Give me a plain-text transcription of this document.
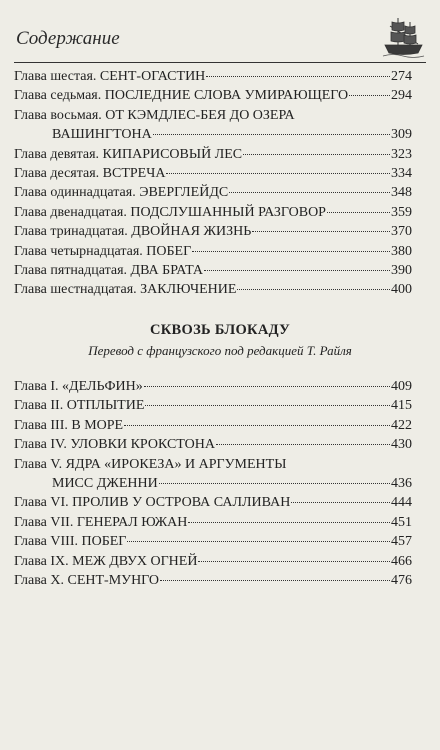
Содержание
Глава шестая. СЕНТ-ОГАСТИН	274
Глава седьмая. ПОСЛЕДНИЕ СЛОВА УМИРАЮЩЕГО	294
Глава восьмая. ОТ КЭМДЛЕС-БЕЯ ДО ОЗЕРА
ВАШИНГТОНА	309
Глава девятая. КИПАРИСОВЫЙ ЛЕС	323
Глава десятая. ВСТРЕЧА	334
Глава одиннадцатая. ЭВЕРГЛЕЙДС	348
Глава двенадцатая. ПОДСЛУШАННЫЙ РАЗГОВОР	359
Глава тринадцатая. ДВОЙНАЯ ЖИЗНЬ	370
Глава четырнадцатая. ПОБЕГ	380
Глава пятнадцатая. ДВА БРАТА	390
Глава шестнадцатая. ЗАКЛЮЧЕНИЕ	400
СКВОЗЬ БЛОКАДУ
Перевод с французского под редакцией Т. Райля
Глава I. «ДЕЛЬФИН»	409
Глава II. ОТПЛЫТИЕ	415
Глава III. В МОРЕ	422
Глава IV. УЛОВКИ КРОКСТОНА	430
Глава V. ЯДРА «ИРОКЕЗА» И АРГУМЕНТЫ
МИСС ДЖЕННИ	436
Глава VI. ПРОЛИВ У ОСТРОВА САЛЛИВАН	444
Глава VII. ГЕНЕРАЛ ЮЖАН	451
Глава VIII. ПОБЕГ	457
Глава IX. МЕЖ ДВУХ ОГНЕЙ	466
Глава X. СЕНТ-МУНГО	476
